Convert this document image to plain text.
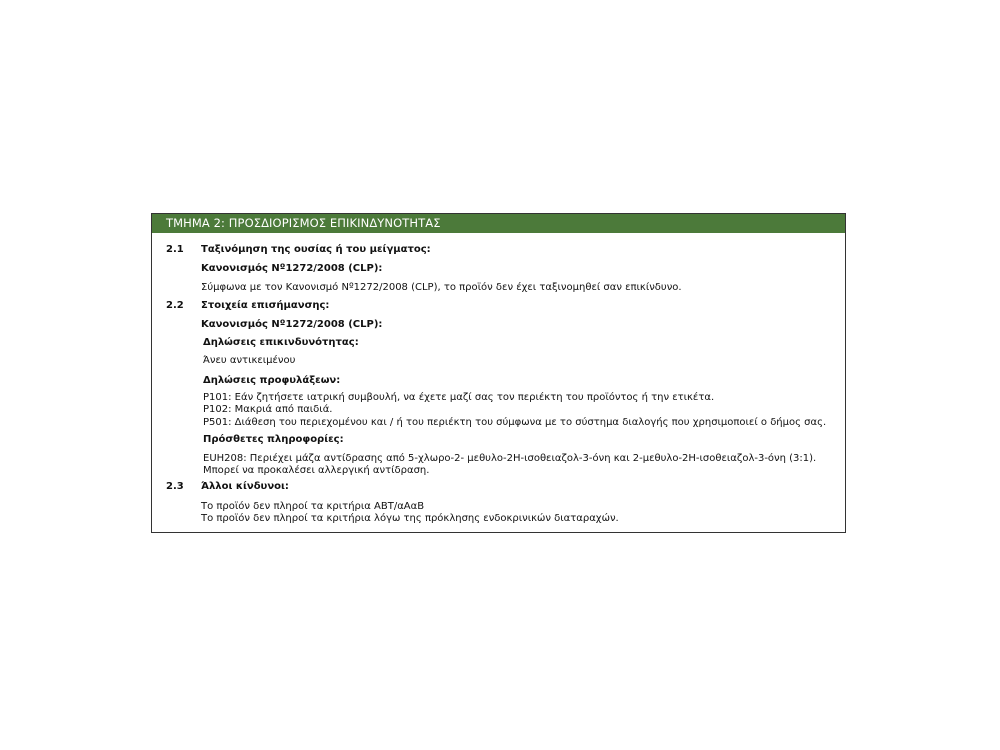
ΤΜΗΜΑ 2: ΠΡΟΣΔΙΟΡΙΣΜΟΣ ΕΠΙΚΙΝΔΥΝΟΤΗΤΑΣ
2.1 Ταξινόμηση της ουσίας ή του μείγματος:
Κανονισμός Nº1272/2008 (CLP):
Σύμφωνα με τον Κανονισμό Nº1272/2008 (CLP), το προϊόν δεν έχει ταξινομηθεί σαν επικίνδυνο.
2.2 Στοιχεία επισήμανσης:
Κανονισμός Nº1272/2008 (CLP):
Δηλώσεις επικινδυνότητας:
Άνευ αντικειμένου
Δηλώσεις προφυλάξεων:
P101: Εάν ζητήσετε ιατρική συμβουλή, να έχετε μαζί σας τον περιέκτη του προϊόντος ή την ετικέτα.
P102: Μακριά από παιδιά.
P501: Διάθεση του περιεχομένου και / ή του περιέκτη του σύμφωνα με το σύστημα διαλογής που χρησιμοποιεί ο δήμος σας.
Πρόσθετες πληροφορίες:
EUH208: Περιέχει μάζα αντίδρασης από 5-χλωρο-2- μεθυλο-2Η-ισοθειαζολ-3-όνη και 2-μεθυλο-2Η-ισοθειαζολ-3-όνη (3:1). Μπορεί να προκαλέσει αλλεργική αντίδραση.
2.3 Άλλοι κίνδυνοι:
Το προϊόν δεν πληροί τα κριτήρια ΑΒΤ/αΑαΒ
Το προϊόν δεν πληροί τα κριτήρια λόγω της πρόκλησης ενδοκρινικών διαταραχών.
